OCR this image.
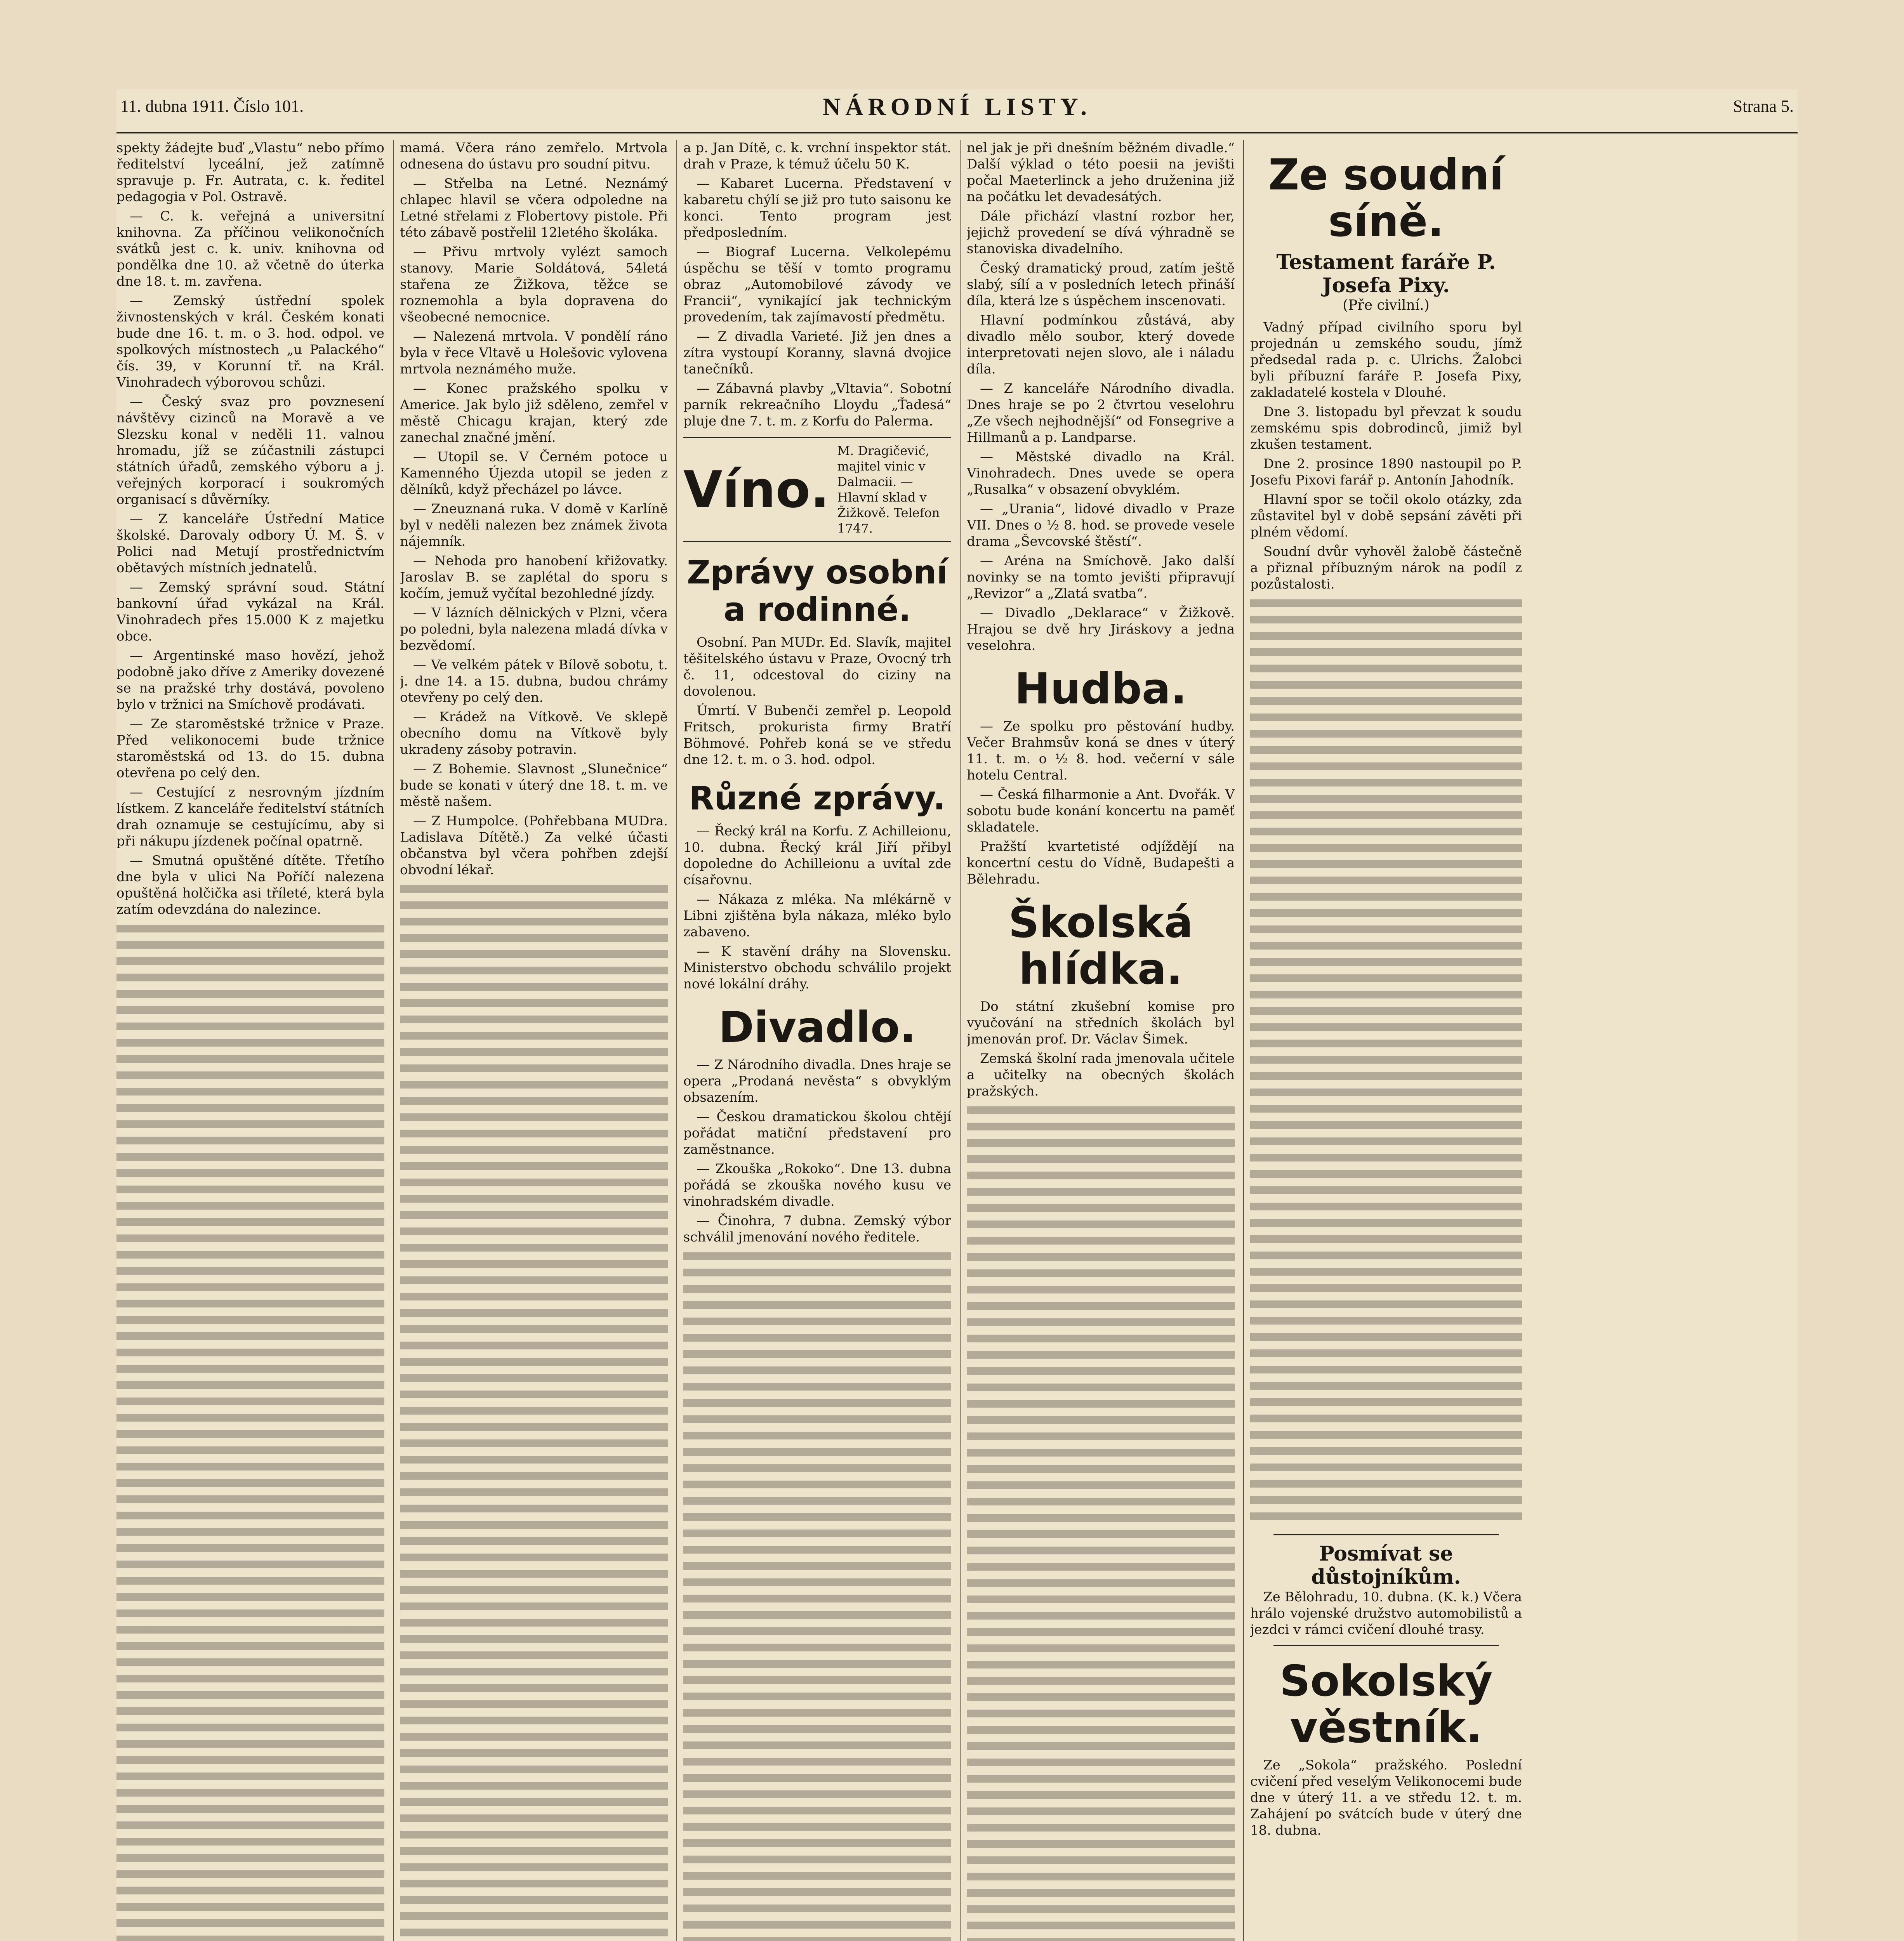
11. dubna 1911. Číslo 101.	NÁRODNÍ LISTY.	Strana 5.

spekty žádejte buď „Vlastu“ nebo přímo ředitelství lyceální, jež zatímně spravuje p. Fr. Autrata, c. k. ředitel pedagogia v Pol. Ostravě.

— C. k. veřejná a universitní knihovna. Za příčinou velikonočních svátků jest c. k. univ. knihovna od pondělka dne 10. až včetně do úterka dne 18. t. m. zavřena.

— Zemský ústřední spolek živnostenských v král. Českém konati bude dne 16. t. m. o 3. hod. odpol. ve spolkových místnostech „u Palackého“ čís. 39, v Korunní tř. na Král. Vinohradech výborovou schůzi.

— Český svaz pro povznesení návštěvy cizinců na Moravě a ve Slezsku konal v neděli 11. valnou hromadu, jíž se zúčastnili zástupci státních úřadů, zemského výboru a j. veřejných korporací i soukromých organisací s důvěrníky.

— Z kanceláře Ústřední Matice školské. Darovaly odbory Ú. M. Š. v Polici nad Metují prostřednictvím obětavých místních jednatelů.

— Zemský správní soud. Státní bankovní úřad vykázal na Král. Vinohradech přes 15.000 K z majetku obce.

— Argentinské maso hovězí, jehož podobně jako dříve z Ameriky dovezené se na pražské trhy dostává, povoleno bylo v tržnici na Smíchově prodávati.

— Ze staroměstské tržnice v Praze. Před velikonocemi bude tržnice staroměstská od 13. do 15. dubna otevřena po celý den.

— Cestující z nesrovným jízdním lístkem. Z kanceláře ředitelství státních drah oznamuje se cestujícímu, aby si při nákupu jízdenek počínal opatrně.

— Smutná opuštěné dítěte. Třetího dne byla v ulici Na Poříčí nalezena opuštěná holčička asi tříleté, která byla zatím odevzdána do nalezince.

mamá. Včera ráno zemřelo. Mrtvola odnesena do ústavu pro soudní pitvu.

— Střelba na Letné. Neznámý chlapec hlavil se včera odpoledne na Letné střelami z Flobertovy pistole. Při této zábavě postřelil 12letého školáka.

— Přivu mrtvoly vylézt samoch stanovy. Marie Soldátová, 54letá stařena ze Žižkova, těžce se roznemohla a byla dopravena do všeobecné nemocnice.

— Nalezená mrtvola. V pondělí ráno byla v řece Vltavě u Holešovic vylovena mrtvola neznámého muže.

— Konec pražského spolku v Americe. Jak bylo již sděleno, zemřel v městě Chicagu krajan, který zde zanechal značné jmění.

— Utopil se. V Černém potoce u Kamenného Újezda utopil se jeden z dělníků, když přecházel po lávce.

— Zneuznaná ruka. V domě v Karlíně byl v neděli nalezen bez známek života nájemník.

— Nehoda pro hanobení křižovatky. Jaroslav B. se zaplétal do sporu s kočím, jemuž vyčítal bezohledné jízdy.

— V lázních dělnických v Plzni, včera po poledni, byla nalezena mladá dívka v bezvědomí.

— Ve velkém pátek v Bílově sobotu, t. j. dne 14. a 15. dubna, budou chrámy otevřeny po celý den.

— Krádež na Vítkově. Ve sklepě obecního domu na Vítkově byly ukradeny zásoby potravin.

— Z Bohemie. Slavnost „Slunečnice“ bude se konati v úterý dne 18. t. m. ve městě našem.

— Z Humpolce. (Pohřebbana MUDra. Ladislava Dítětě.) Za velké účasti občanstva byl včera pohřben zdejší obvodní lékař.

a p. Jan Dítě, c. k. vrchní inspektor stát. drah v Praze, k témuž účelu 50 K.

— Kabaret Lucerna. Představení v kabaretu chýlí se již pro tuto saisonu ke konci. Tento program jest předposledním.

— Biograf Lucerna. Velkolepému úspěchu se těší v tomto programu obraz „Automobilové závody ve Francii“, vynikající jak technickým provedením, tak zajímavostí předmětu.

— Z divadla Varieté. Již jen dnes a zítra vystoupí Koranny, slavná dvojice tanečníků.

— Zábavná plavby „Vltavia“. Sobotní parník rekreačního Lloydu „Ťadesá“ pluje dne 7. t. m. z Korfu do Palerma.

Víno.
M. Dragičević, majitel vinic v Dalmacii. — Hlavní sklad v Žižkově. Telefon 1747.
Zprávy osobní a rodinné.

Osobní. Pan MUDr. Ed. Slavík, majitel těšitelského ústavu v Praze, Ovocný trh č. 11, odcestoval do ciziny na dovolenou.

Úmrtí. V Bubenči zemřel p. Leopold Fritsch, prokurista firmy Bratří Böhmové. Pohřeb koná se ve středu dne 12. t. m. o 3. hod. odpol.

Různé zprávy.

— Řecký král na Korfu. Z Achilleionu, 10. dubna. Řecký král Jiří přibyl dopoledne do Achilleionu a uvítal zde císařovnu.

— Nákaza z mléka. Na mlékárně v Libni zjištěna byla nákaza, mléko bylo zabaveno.

— K stavění dráhy na Slovensku. Ministerstvo obchodu schválilo projekt nové lokální dráhy.

Divadlo.

— Z Národního divadla. Dnes hraje se opera „Prodaná nevěsta“ s obvyklým obsazením.

— Českou dramatickou školou chtějí pořádat matiční představení pro zaměstnance.

— Zkouška „Rokoko“. Dne 13. dubna pořádá se zkouška nového kusu ve vinohradském divadle.

— Činohra, 7 dubna. Zemský výbor schválil jmenování nového ředitele.

nel jak je při dnešním běžném divadle.“ Další výklad o této poesii na jevišti počal Maeterlinck a jeho druženina již na počátku let devadesátých.

Dále přichází vlastní rozbor her, jejichž provedení se dívá výhradně se stanoviska divadelního.

Český dramatický proud, zatím ještě slabý, sílí a v posledních letech přináší díla, která lze s úspěchem inscenovati.

Hlavní podmínkou zůstává, aby divadlo mělo soubor, který dovede interpretovati nejen slovo, ale i náladu díla.

— Z kanceláře Národního divadla. Dnes hraje se po 2 čtvrtou veselohru „Ze všech nejhodnější“ od Fonsegrive a Hillmanů a p. Landparse.

— Městské divadlo na Král. Vinohradech. Dnes uvede se opera „Rusalka“ v obsazení obvyklém.

— „Urania“, lidové divadlo v Praze VII. Dnes o ½ 8. hod. se provede vesele drama „Ševcovské štěstí“.

— Aréna na Smíchově. Jako další novinky se na tomto jevišti připravují „Revizor“ a „Zlatá svatba“.

— Divadlo „Deklarace“ v Žižkově. Hrajou se dvě hry Jiráskovy a jedna veselohra.

Hudba.

— Ze spolku pro pěstování hudby. Večer Brahmsův koná se dnes v úterý 11. t. m. o ½ 8. hod. večerní v sále hotelu Central.

— Česká filharmonie a Ant. Dvořák. V sobotu bude konání koncertu na paměť skladatele.

Pražští kvartetisté odjíždějí na koncertní cestu do Vídně, Budapešti a Bělehradu.

Školská hlídka.

Do státní zkušební komise pro vyučování na středních školách byl jmenován prof. Dr. Václav Šimek.

Zemská školní rada jmenovala učitele a učitelky na obecných školách pražských.

Ze soudní síně.
Testament faráře P. Josefa Pixy.
(Pře civilní.)

Vadný případ civilního sporu byl projednán u zemského soudu, jímž předsedal rada p. c. Ulrichs. Žalobci byli příbuzní faráře P. Josefa Pixy, zakladatelé kostela v Dlouhé.

Dne 3. listopadu byl převzat k soudu zemskému spis dobrodinců, jimiž byl zkušen testament.

Dne 2. prosince 1890 nastoupil po P. Josefu Pixovi farář p. Antonín Jahodník.

Hlavní spor se točil okolo otázky, zda zůstavitel byl v době sepsání závěti při plném vědomí.

Soudní dvůr vyhověl žalobě částečně a přiznal příbuzným nárok na podíl z pozůstalosti.

Posmívat se důstojníkům.

Ze Bělohradu, 10. dubna. (K. k.) Včera hrálo vojenské družstvo automobilistů a jezdci v rámci cvičení dlouhé trasy.

Sokolský věstník.

Ze „Sokola“ pražského. Poslední cvičení před veselým Velikonocemi bude dne v úterý 11. a ve středu 12. t. m. Zahájení po svátcích bude v úterý dne 18. dubna.
